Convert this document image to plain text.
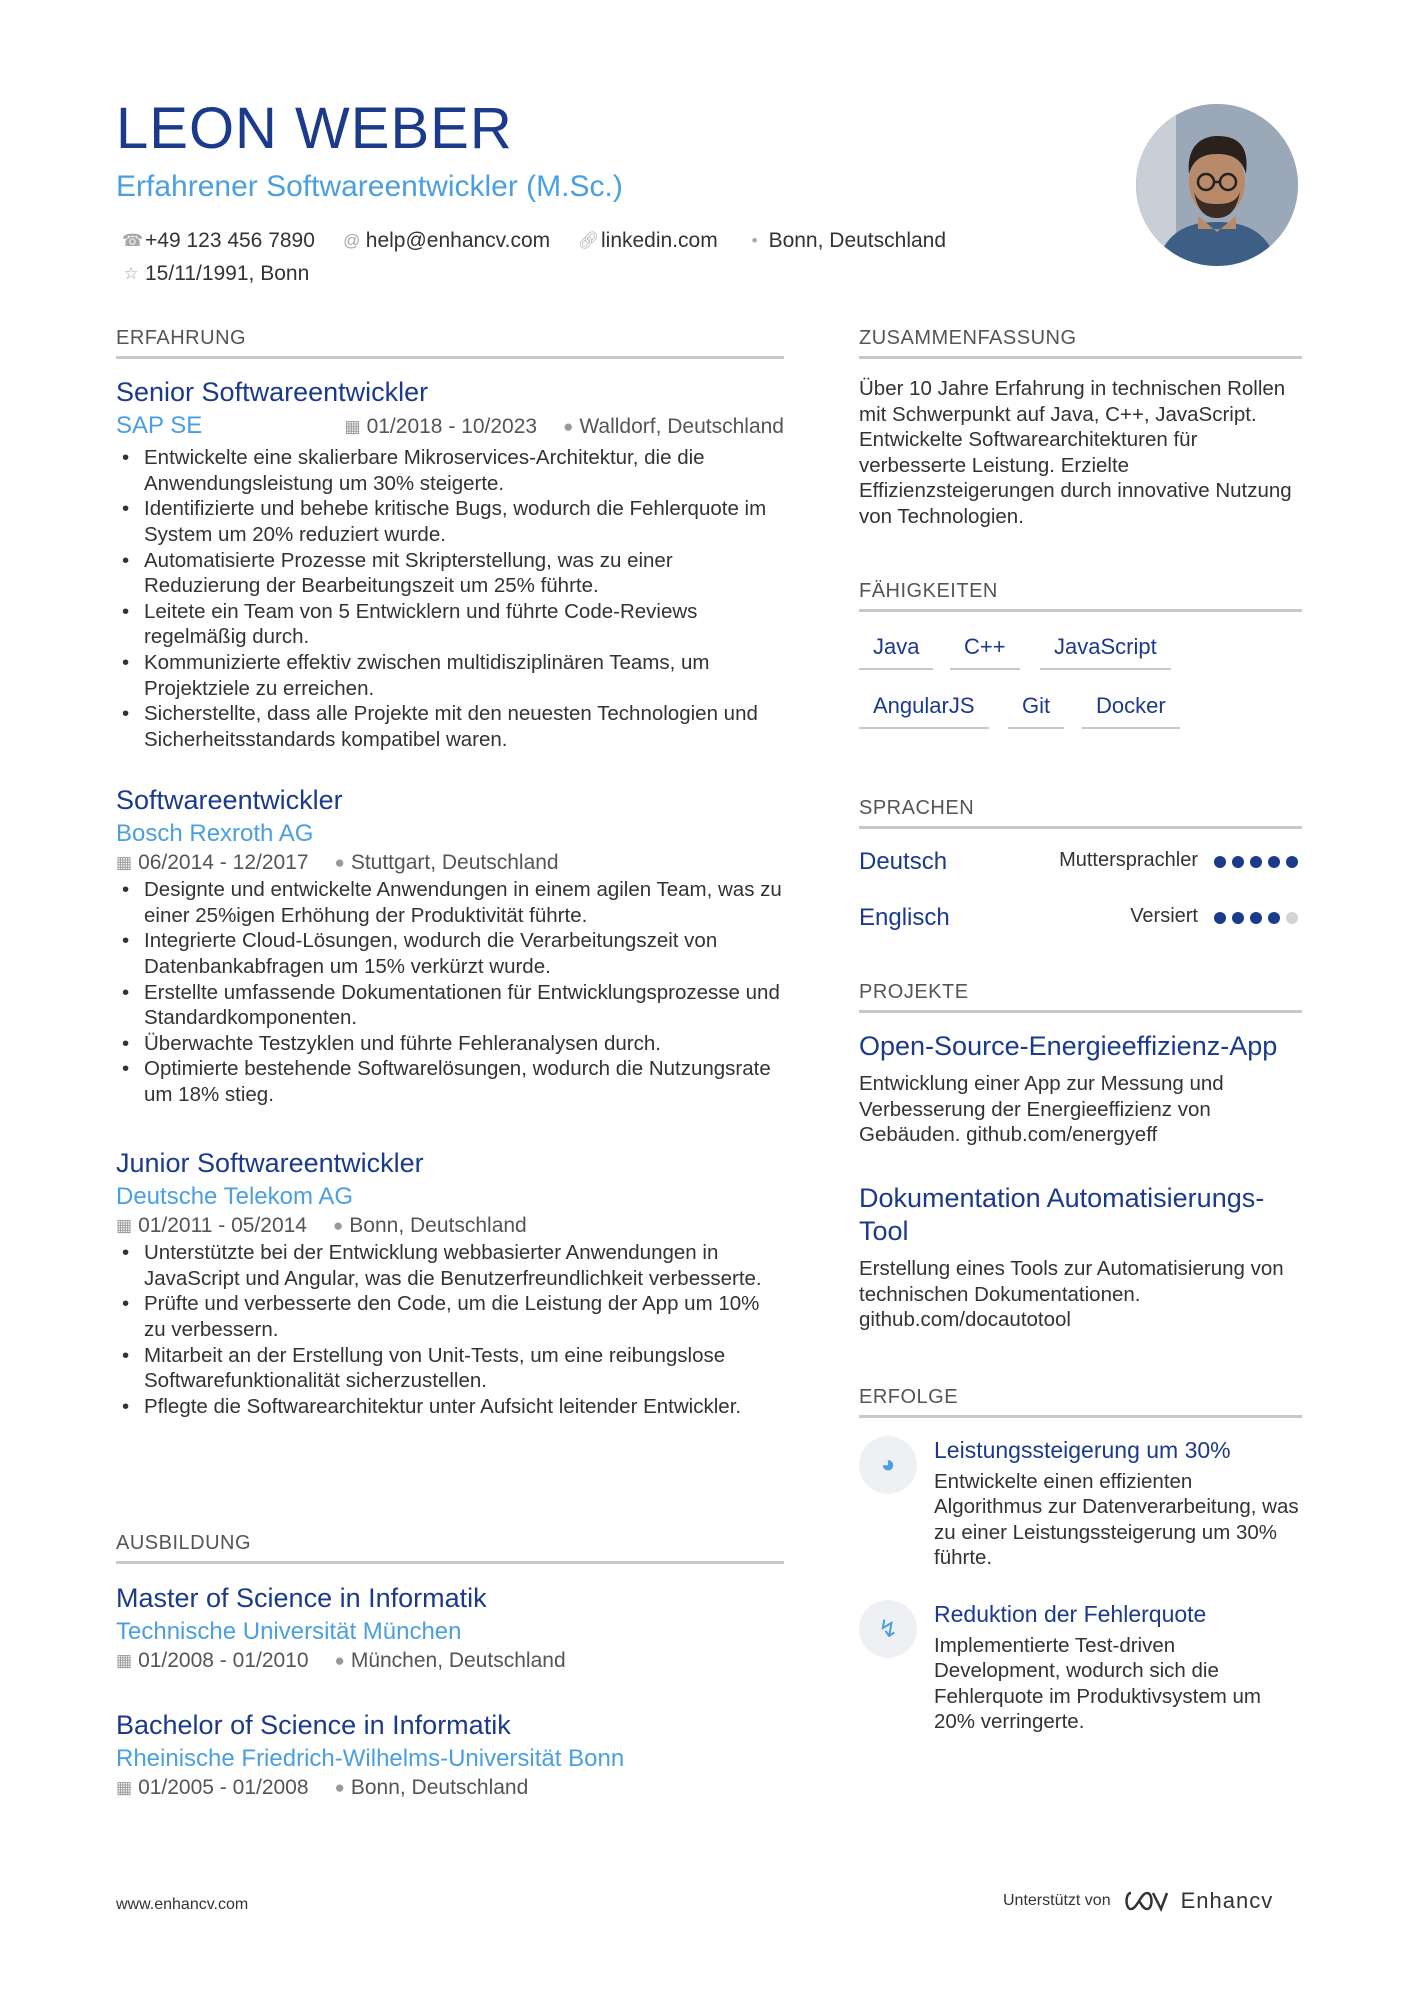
LEON WEBER
Erfahrener Softwareentwickler (M.Sc.)
☎ +49 123 456 7890
@ help@enhancv.com
🔗︎ linkedin.com
	• Bonn, Deutschland

☆ 15/11/1991, Bonn
ERFAHRUNG
Senior Softwareentwickler
SAP SE	▦ 01/2018 - 10/2023 ● Walldorf, Deutschland
• Entwickelte eine skalierbare Mikroservices-Architektur, die die Anwendungsleistung um 30% steigerte.
• Identifizierte und behebe kritische Bugs, wodurch die Fehlerquote im System um 20% reduziert wurde.
• Automatisierte Prozesse mit Skripterstellung, was zu einer Reduzierung der Bearbeitungszeit um 25% führte.
• Leitete ein Team von 5 Entwicklern und führte Code-Reviews regelmäßig durch.
• Kommunizierte effektiv zwischen multidisziplinären Teams, um Projektziele zu erreichen.
• Sicherstellte, dass alle Projekte mit den neuesten Technologien und Sicherheitsstandards kompatibel waren.
Softwareentwickler
Bosch Rexroth AG
▦ 06/2014 - 12/2017 ● Stuttgart, Deutschland
• Designte und entwickelte Anwendungen in einem agilen Team, was zu einer 25%igen Erhöhung der Produktivität führte.
• Integrierte Cloud-Lösungen, wodurch die Verarbeitungszeit von Datenbankabfragen um 15% verkürzt wurde.
• Erstellte umfassende Dokumentationen für Entwicklungsprozesse und Standardkomponenten.
• Überwachte Testzyklen und führte Fehleranalysen durch.
• Optimierte bestehende Softwarelösungen, wodurch die Nutzungsrate um 18% stieg.
Junior Softwareentwickler
Deutsche Telekom AG
▦ 01/2011 - 05/2014 ● Bonn, Deutschland
• Unterstützte bei der Entwicklung webbasierter Anwendungen in JavaScript und Angular, was die Benutzerfreundlichkeit verbesserte.
• Prüfte und verbesserte den Code, um die Leistung der App um 10% zu verbessern.
• Mitarbeit an der Erstellung von Unit-Tests, um eine reibungslose Softwarefunktionalität sicherzustellen.
• Pflegte die Softwarearchitektur unter Aufsicht leitender Entwickler.
AUSBILDUNG
Master of Science in Informatik
Technische Universität München
▦ 01/2008 - 01/2010 ● München, Deutschland
Bachelor of Science in Informatik
Rheinische Friedrich-Wilhelms-Universität Bonn
▦ 01/2005 - 01/2008 ● Bonn, Deutschland
ZUSAMMENFASSUNG
Über 10 Jahre Erfahrung in technischen Rollen mit Schwerpunkt auf Java, C++, JavaScript. Entwickelte Softwarearchitekturen für verbesserte Leistung. Erzielte Effizienzsteigerungen durch innovative Nutzung von Technologien.
FÄHIGKEITEN
Java	C++	JavaScript
AngularJS	Git	Docker
SPRACHEN
Deutsch	Muttersprachler
Englisch	Versiert
PROJEKTE
Open-Source-Energieeffizienz-App
Entwicklung einer App zur Messung und Verbesserung der Energieeffizienz von Gebäuden. github.com/energyeff
Dokumentation Automatisierungs-
Tool
Erstellung eines Tools zur Automatisierung von technischen Dokumentationen. github.com/docautotool
ERFOLGE
◕
Leistungssteigerung um 30%
Entwickelte einen effizienten Algorithmus zur Datenverarbeitung, was zu einer Leistungssteigerung um 30% führte.
↯
Reduktion der Fehlerquote
Implementierte Test-driven Development, wodurch sich die Fehlerquote im Produktivsystem um 20% verringerte.
www.enhancv.com	Unterstützt von	Enhancv
